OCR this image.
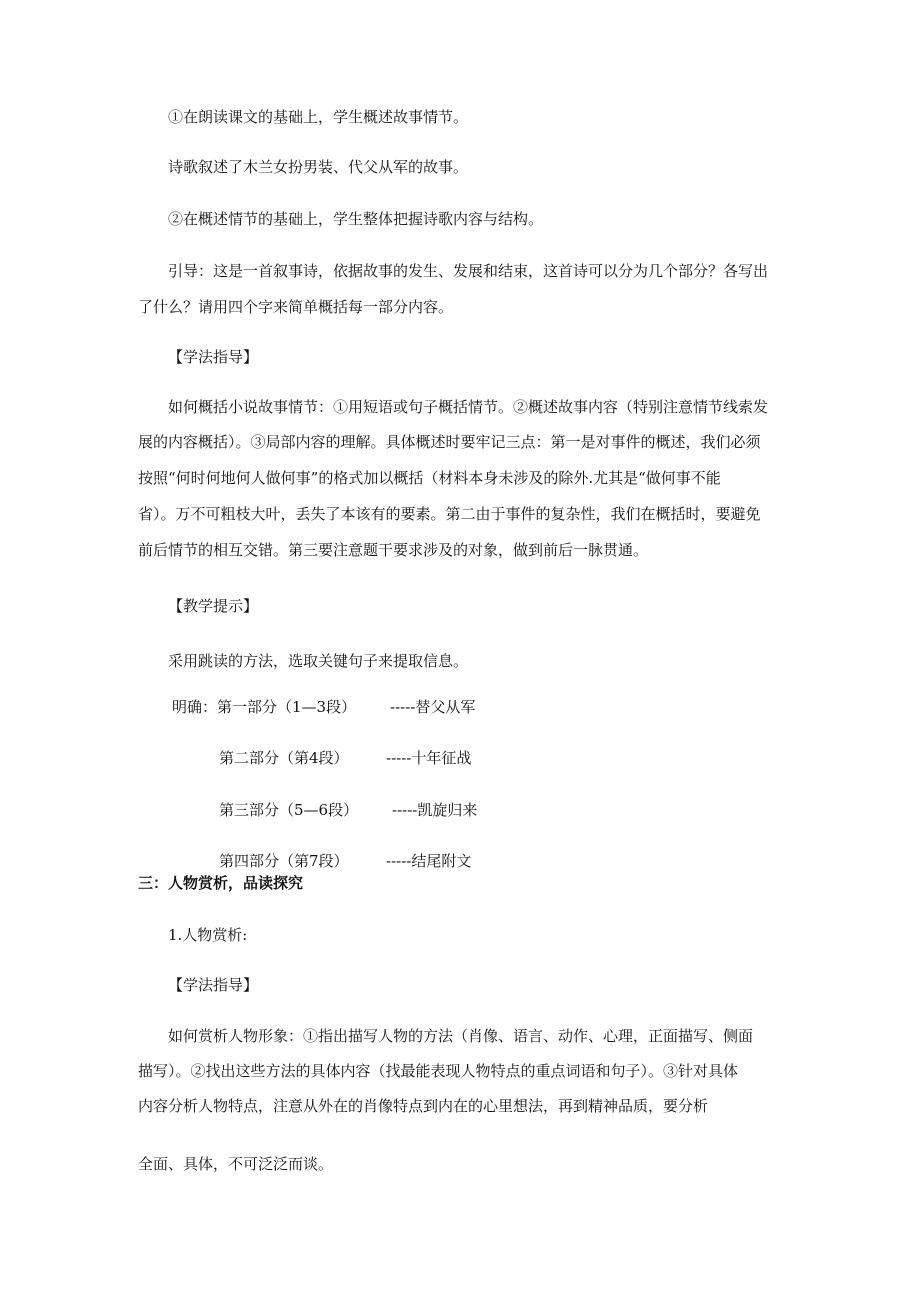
①在朗读课文的基础上，学生概述故事情节。
诗歌叙述了木兰女扮男装、代父从军的故事。
②在概述情节的基础上，学生整体把握诗歌内容与结构。
引导：这是一首叙事诗，依据故事的发生、发展和结束，这首诗可以分为几个部分？各写出
了什么？请用四个字来简单概括每一部分内容。
【学法指导】
如何概括小说故事情节：①用短语或句子概括情节。②概述故事内容（特别注意情节线索发
展的内容概括）。③局部内容的理解。具体概述时要牢记三点：第一是对事件的概述，我们必须
按照“何时何地何人做何事”的格式加以概括（材料本身未涉及的除外.尤其是“做何事不能
省）。万不可粗枝大叶，丢失了本该有的要素。第二由于事件的复杂性，我们在概括时，要避免
前后情节的相互交错。第三要注意题干要求涉及的对象，做到前后一脉贯通。
【教学提示】
采用跳读的方法，选取关键句子来提取信息。
明确：第一部分（1—3段） -----替父从军
第二部分（第4段） -----十年征战
第三部分（5—6段） -----凯旋归来
第四部分（第7段） -----结尾附文
三：人物赏析，品读探究
1.人物赏析:
【学法指导】
如何赏析人物形象：①指出描写人物的方法（肖像、语言、动作、心理，正面描写、侧面
描写）。②找出这些方法的具体内容（找最能表现人物特点的重点词语和句子）。③针对具体
内容分析人物特点，注意从外在的肖像特点到内在的心里想法，再到精神品质，要分析
全面、具体，不可泛泛而谈。
